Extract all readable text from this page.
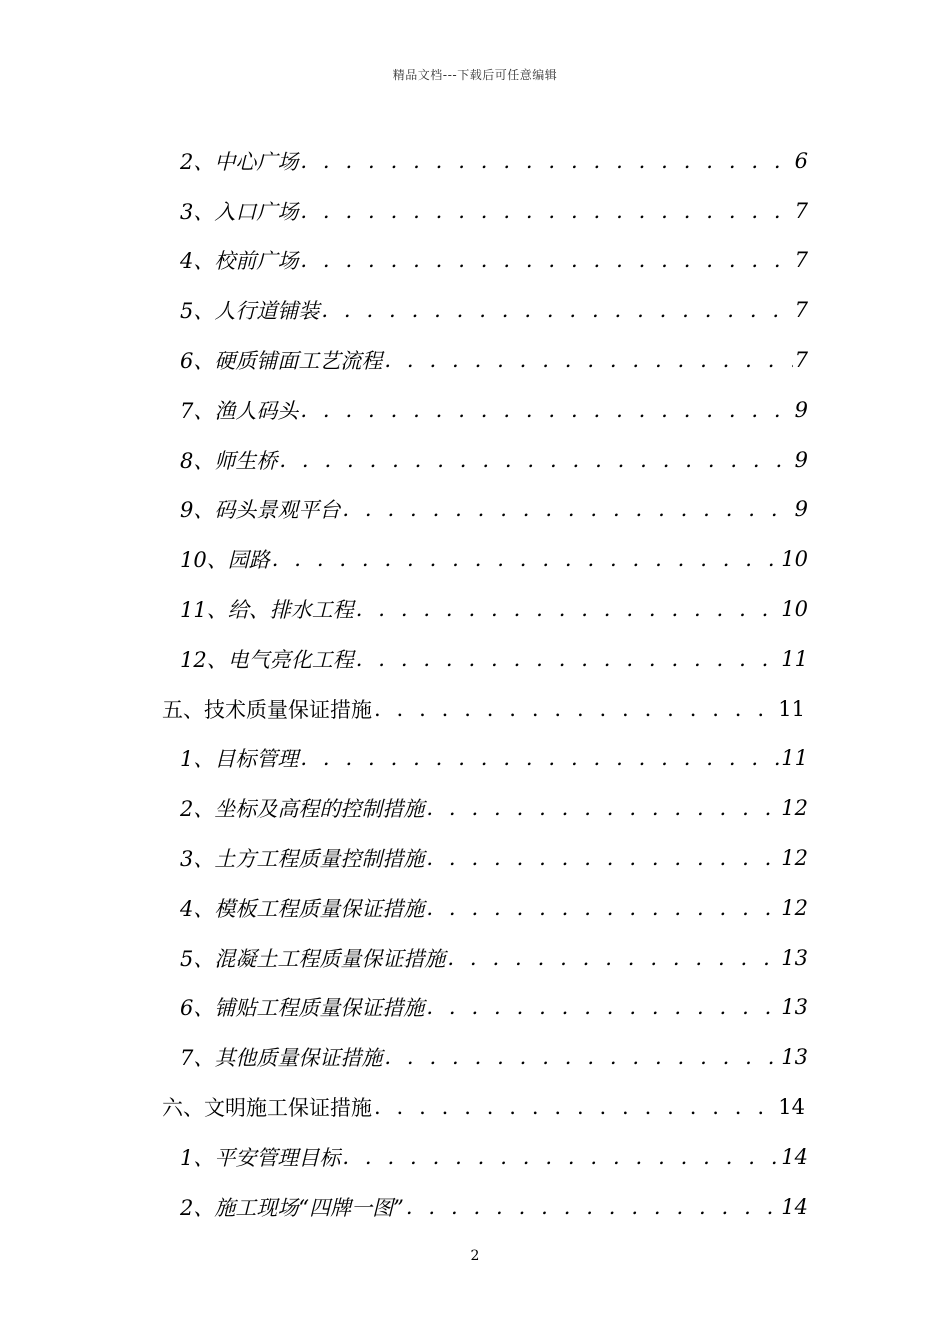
精品文档---下载后可任意编辑
2、中心广场 . . .	6
3、入口广场 . . .	7
4、校前广场 . . .	7
5、人行道铺装 . . .	7
6、硬质铺面工艺流程 . . .	7
7、渔人码头 . . .	9
8、师生桥 . . .	9
9、码头景观平台 . . .	9
10、园路 . . .	10
11、给、排水工程 . . .	10
12、电气亮化工程 . . .	11
五、技术质量保证措施 . . .	11
1、目标管理 . . .	11
2、坐标及高程的控制措施 . . .	12
3、土方工程质量控制措施 . . .	12
4、模板工程质量保证措施 . . .	12
5、混凝土工程质量保证措施 . . .	13
6、铺贴工程质量保证措施 . . .	13
7、其他质量保证措施 . . .	13
六、文明施工保证措施 . . .	14
1、平安管理目标 . . .	14
2、施工现场“四牌一图” . . .	14
2
